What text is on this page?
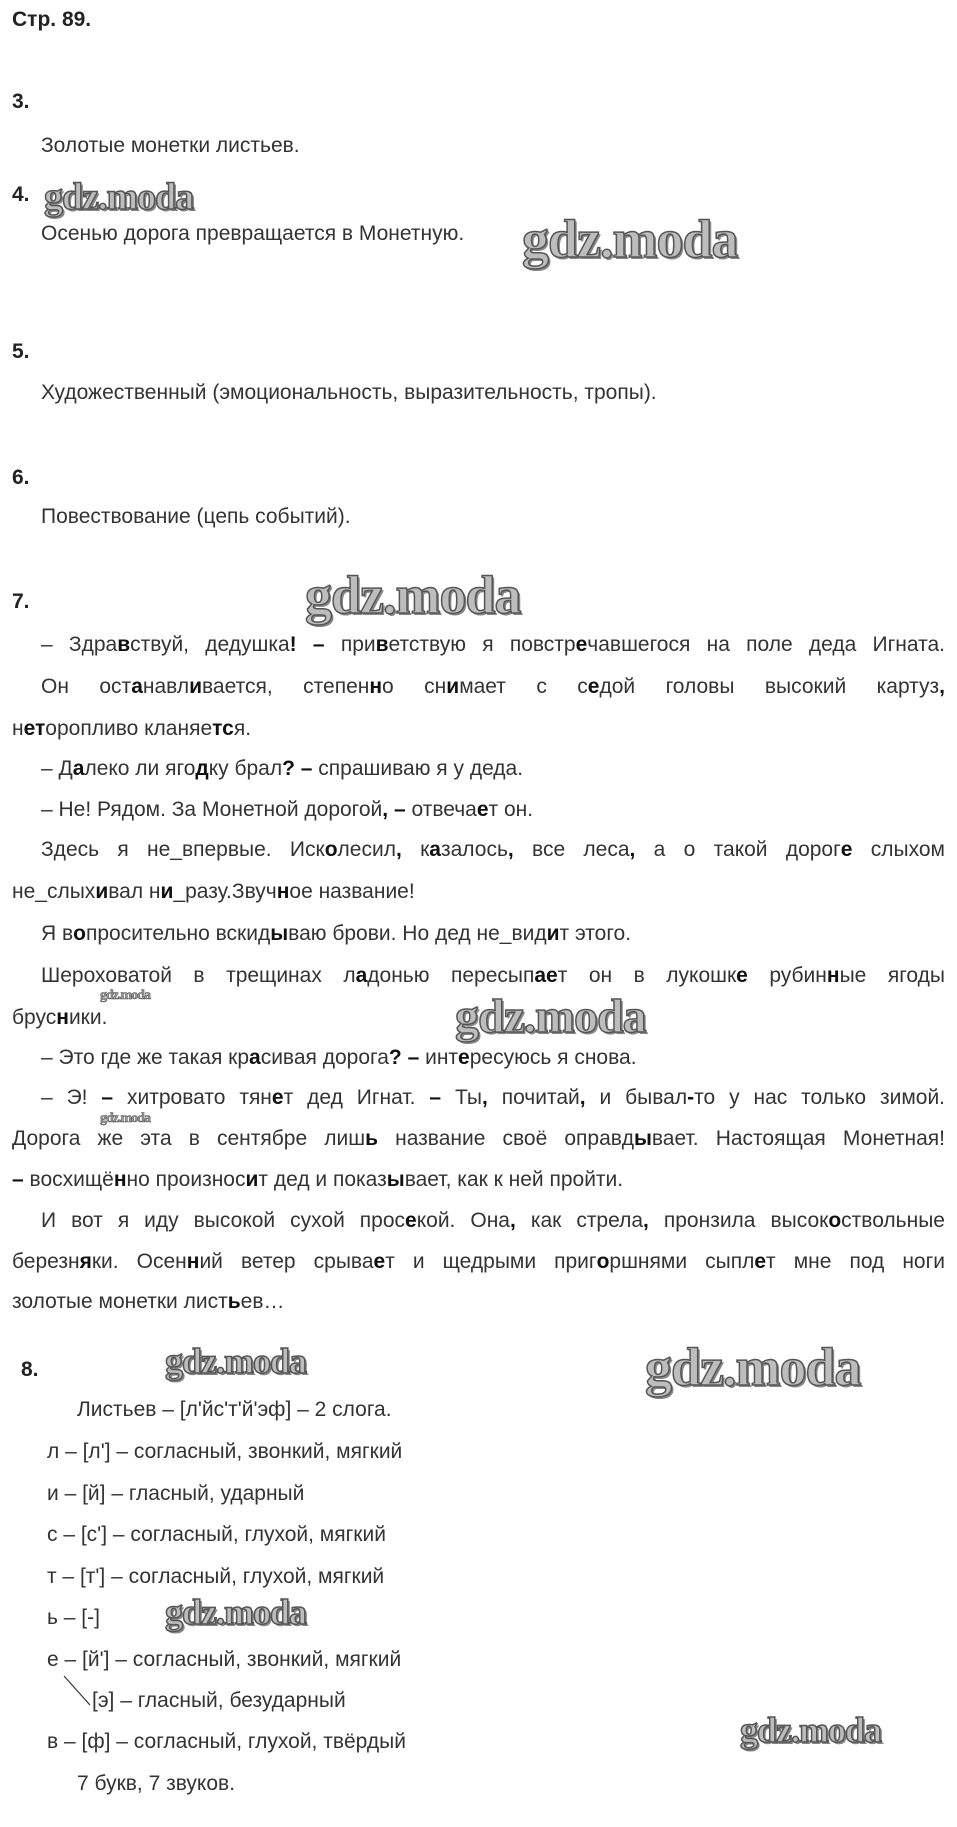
Стр. 89.
3.
Золотые монетки листьев.
4.
Осенью дорога превращается в Монетную.
5.
Художественный (эмоциональность, выразительность, тропы).
6.
Повествование (цепь событий).
7.
– Здравствуй, дедушка! – приветствую я повстречавшегося на поле деда Игната.
Он останавливается, степенно снимает с седой головы высокий картуз,
неторопливо кланяется.
– Далеко ли ягодку брал? – спрашиваю я у деда.
– Не! Рядом. За Монетной дорогой, – отвечает он.
Здесь я не_впервые. Исколесил, казалось, все леса, а о такой дороге слыхом
не_слыхивал ни_разу.Звучное название!
Я вопросительно вскидываю брови. Но дед не_видит этого.
Шероховатой в трещинах ладонью пересыпает он в лукошке рубинные ягоды
брусники.
– Это где же такая красивая дорога? – интересуюсь я снова.
– Э! – хитровато тянет дед Игнат. – Ты, почитай, и бывал-то у нас только зимой.
Дорога же эта в сентябре лишь название своё оправдывает. Настоящая Монетная!
– восхищённо произносит дед и показывает, как к ней пройти.
И вот я иду высокой сухой просекой. Она, как стрела, пронзила высокоствольные
березняки. Осенний ветер срывает и щедрыми пригоршнями сыплет мне под ноги
золотые монетки листьев…
8.
Листьев – [л'йс'т'й'эф] – 2 слога.
л – [л'] – согласный, звонкий, мягкий
и – [й] – гласный, ударный
с – [с'] – согласный, глухой, мягкий
т – [т'] – согласный, глухой, мягкий
ь – [-]
е – [й'] – согласный, звонкий, мягкий
[э] – гласный, безударный
в – [ф] – согласный, глухой, твёрдый
7 букв, 7 звуков.
gdz.moda
gdz.moda
gdz.moda
gdz.moda	gdz.moda
gdz.moda
gdz.moda	gdz.moda
gdz.moda
gdz.moda
